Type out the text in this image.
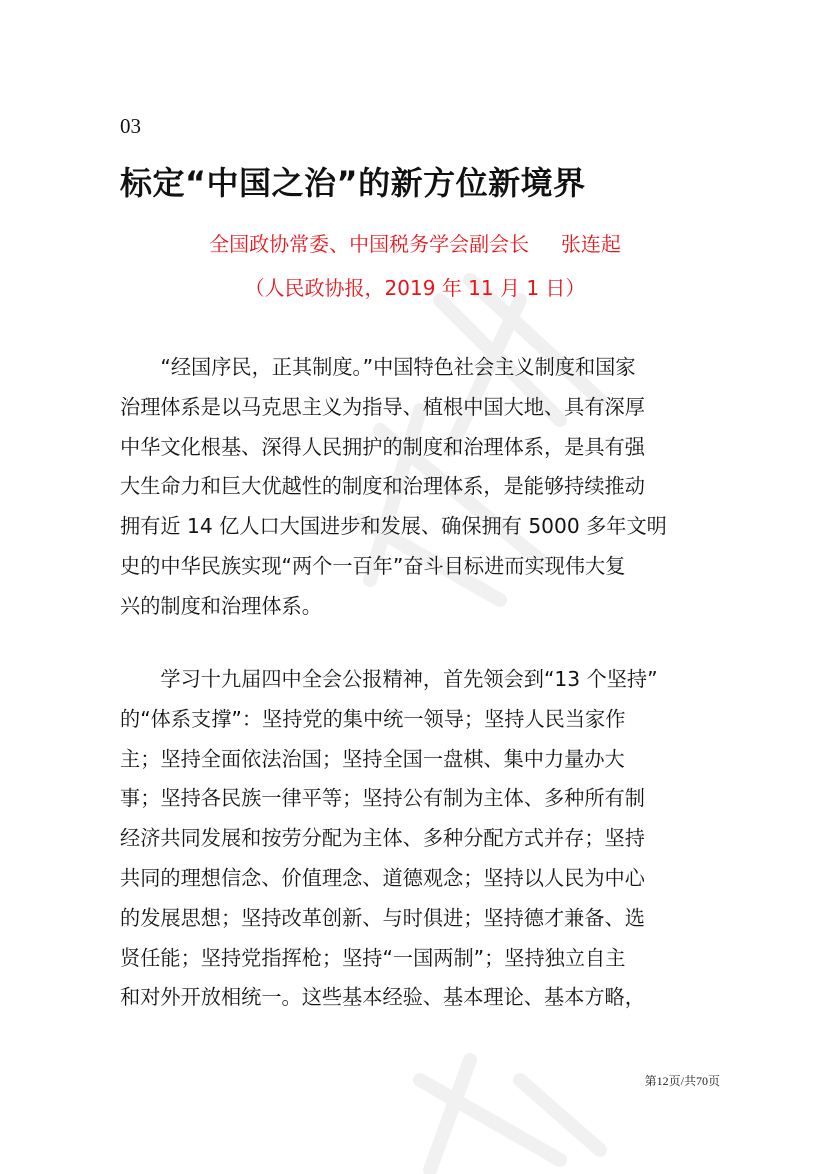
03
标定“中国之治”的新方位新境界
全国政协常委、中国税务学会副会长     张连起
（人民政协报，2019 年 11 月 1 日）
　　“经国序民，正其制度。”中国特色社会主义制度和国家
治理体系是以马克思主义为指导、植根中国大地、具有深厚
中华文化根基、深得人民拥护的制度和治理体系，是具有强
大生命力和巨大优越性的制度和治理体系，是能够持续推动
拥有近 14 亿人口大国进步和发展、确保拥有 5000 多年文明
史的中华民族实现“两个一百年”奋斗目标进而实现伟大复
兴的制度和治理体系。
　　学习十九届四中全会公报精神，首先领会到“13 个坚持”
的“体系支撑”：坚持党的集中统一领导；坚持人民当家作
主；坚持全面依法治国；坚持全国一盘棋、集中力量办大
事；坚持各民族一律平等；坚持公有制为主体、多种所有制
经济共同发展和按劳分配为主体、多种分配方式并存；坚持
共同的理想信念、价值理念、道德观念；坚持以人民为中心
的发展思想；坚持改革创新、与时俱进；坚持德才兼备、选
贤任能；坚持党指挥枪；坚持“一国两制”；坚持独立自主
和对外开放相统一。这些基本经验、基本理论、基本方略，
第12页/共70页
